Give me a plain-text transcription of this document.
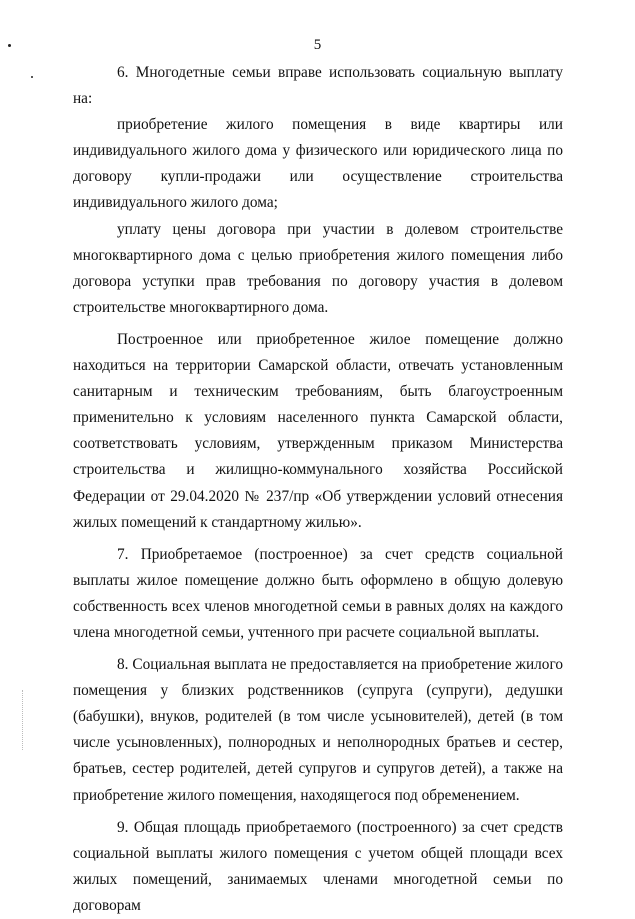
5

6. Многодетные семьи вправе использовать социальную выплату на:

приобретение жилого помещения в виде квартиры или индивидуального жилого дома у физического или юридического лица по договору купли-продажи или осуществление строительства индивидуального жилого дома;

уплату цены договора при участии в долевом строительстве многоквартирного дома с целью приобретения жилого помещения либо договора уступки прав требования по договору участия в долевом строительстве многоквартирного дома.

Построенное или приобретенное жилое помещение должно находиться на территории Самарской области, отвечать установленным санитарным и техническим требованиям, быть благоустроенным применительно к условиям населенного пункта Самарской области, соответствовать условиям, утвержденным приказом Министерства строительства и жилищно-коммунального хозяйства Российской Федерации от 29.04.2020 № 237/пр «Об утверждении условий отнесения жилых помещений к стандартному жилью».

7. Приобретаемое (построенное) за счет средств социальной выплаты жилое помещение должно быть оформлено в общую долевую собственность всех членов многодетной семьи в равных долях на каждого члена многодетной семьи, учтенного при расчете социальной выплаты.

8. Социальная выплата не предоставляется на приобретение жилого помещения у близких родственников (супруга (супруги), дедушки (бабушки), внуков, родителей (в том числе усыновителей), детей (в том числе усыновленных), полнородных и неполнородных братьев и сестер, братьев, сестер родителей, детей супругов и супругов детей), а также на приобретение жилого помещения, находящегося под обременением.

9. Общая площадь приобретаемого (построенного) за счет средств социальной выплаты жилого помещения с учетом общей площади всех жилых помещений, занимаемых членами многодетной семьи по договорам
